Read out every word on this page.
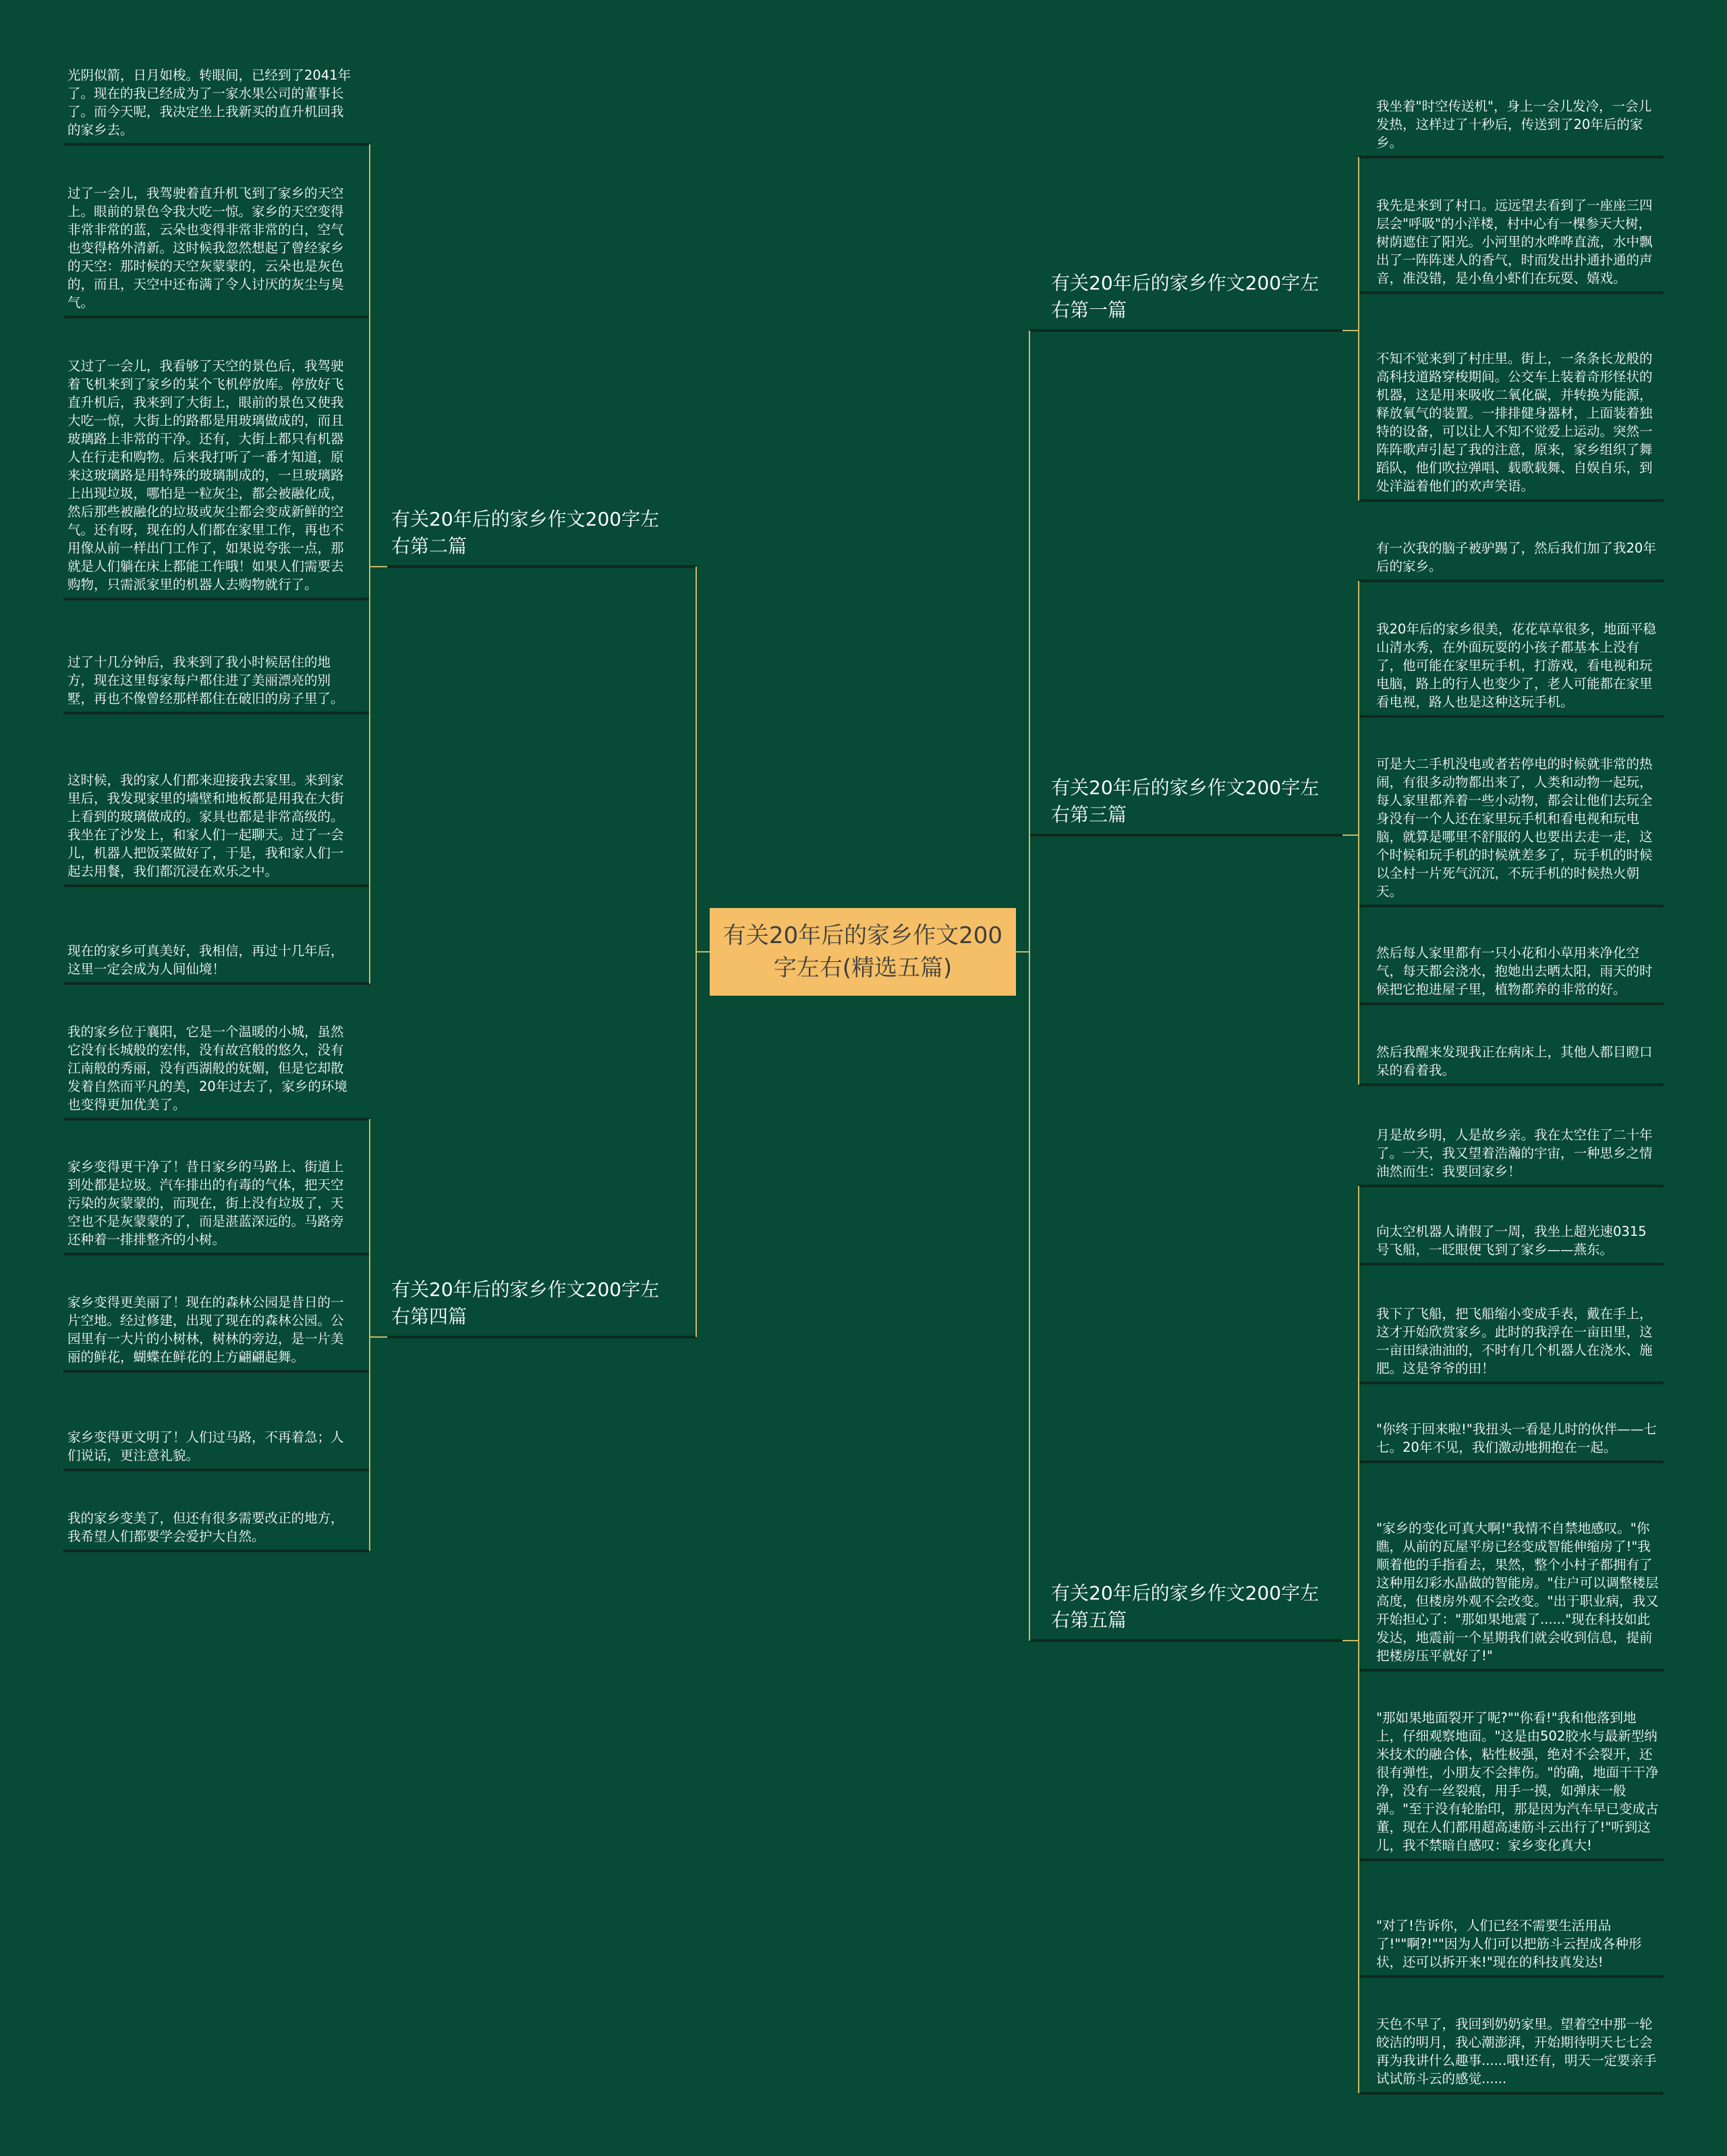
有关20年后的家乡作文200字左右(精选五篇)
有关20年后的家乡作文200字左右第一篇
我坐着"时空传送机"，身上一会儿发冷，一会儿发热，这样过了十秒后，传送到了20年后的家乡。
我先是来到了村口。远远望去看到了一座座三四层会"呼吸"的小洋楼，村中心有一棵参天大树，树荫遮住了阳光。小河里的水哗哗直流，水中飘出了一阵阵迷人的香气，时而发出扑通扑通的声音，准没错，是小鱼小虾们在玩耍、嬉戏。
不知不觉来到了村庄里。街上，一条条长龙般的高科技道路穿梭期间。公交车上装着奇形怪状的机器，这是用来吸收二氧化碳，并转换为能源，释放氧气的装置。一排排健身器材，上面装着独特的设备，可以让人不知不觉爱上运动。突然一阵阵歌声引起了我的注意，原来，家乡组织了舞蹈队，他们吹拉弹唱、载歌载舞、自娱自乐，到处洋溢着他们的欢声笑语。
有关20年后的家乡作文200字左右第二篇
光阴似箭，日月如梭。转眼间，已经到了2041年了。现在的我已经成为了一家水果公司的董事长了。而今天呢，我决定坐上我新买的直升机回我的家乡去。
过了一会儿，我驾驶着直升机飞到了家乡的天空上。眼前的景色令我大吃一惊。家乡的天空变得非常非常的蓝，云朵也变得非常非常的白，空气也变得格外清新。这时候我忽然想起了曾经家乡的天空：那时候的天空灰蒙蒙的，云朵也是灰色的，而且，天空中还布满了令人讨厌的灰尘与臭气。
又过了一会儿，我看够了天空的景色后，我驾驶着飞机来到了家乡的某个飞机停放库。停放好飞直升机后，我来到了大街上，眼前的景色又使我大吃一惊，大街上的路都是用玻璃做成的，而且玻璃路上非常的干净。还有，大街上都只有机器人在行走和购物。后来我打听了一番才知道，原来这玻璃路是用特殊的玻璃制成的，一旦玻璃路上出现垃圾，哪怕是一粒灰尘，都会被融化成，然后那些被融化的垃圾或灰尘都会变成新鲜的空气。还有呀，现在的人们都在家里工作，再也不用像从前一样出门工作了，如果说夸张一点，那就是人们躺在床上都能工作哦！如果人们需要去购物，只需派家里的机器人去购物就行了。
过了十几分钟后，我来到了我小时候居住的地方，现在这里每家每户都住进了美丽漂亮的别墅，再也不像曾经那样都住在破旧的房子里了。
这时候，我的家人们都来迎接我去家里。来到家里后，我发现家里的墙壁和地板都是用我在大街上看到的玻璃做成的。家具也都是非常高级的。我坐在了沙发上，和家人们一起聊天。过了一会儿，机器人把饭菜做好了，于是，我和家人们一起去用餐，我们都沉浸在欢乐之中。
现在的家乡可真美好，我相信，再过十几年后，这里一定会成为人间仙境！
有关20年后的家乡作文200字左右第三篇
有一次我的脑子被驴踢了，然后我们加了我20年后的家乡。
我20年后的家乡很美，花花草草很多，地面平稳山清水秀，在外面玩耍的小孩子都基本上没有了，他可能在家里玩手机，打游戏，看电视和玩电脑，路上的行人也变少了，老人可能都在家里看电视，路人也是这种这玩手机。
可是大二手机没电或者若停电的时候就非常的热闹，有很多动物都出来了，人类和动物一起玩，每人家里都养着一些小动物，都会让他们去玩全身没有一个人还在家里玩手机和看电视和玩电脑，就算是哪里不舒服的人也要出去走一走，这个时候和玩手机的时候就差多了，玩手机的时候以全村一片死气沉沉，不玩手机的时候热火朝天。
然后每人家里都有一只小花和小草用来净化空气，每天都会浇水，抱她出去晒太阳，雨天的时候把它抱进屋子里，植物都养的非常的好。
然后我醒来发现我正在病床上，其他人都目瞪口呆的看着我。
有关20年后的家乡作文200字左右第四篇
我的家乡位于襄阳，它是一个温暖的小城，虽然它没有长城般的宏伟，没有故宫般的悠久，没有江南般的秀丽，没有西湖般的妩媚，但是它却散发着自然而平凡的美，20年过去了，家乡的环境也变得更加优美了。
家乡变得更干净了！昔日家乡的马路上、街道上到处都是垃圾。汽车排出的有毒的气体，把天空污染的灰蒙蒙的，而现在，街上没有垃圾了，天空也不是灰蒙蒙的了，而是湛蓝深远的。马路旁还种着一排排整齐的小树。
家乡变得更美丽了！现在的森林公园是昔日的一片空地。经过修建，出现了现在的森林公园。公园里有一大片的小树林，树林的旁边，是一片美丽的鲜花，蝴蝶在鲜花的上方翩翩起舞。
家乡变得更文明了！人们过马路，不再着急；人们说话，更注意礼貌。
我的家乡变美了，但还有很多需要改正的地方，我希望人们都要学会爱护大自然。
有关20年后的家乡作文200字左右第五篇
月是故乡明，人是故乡亲。我在太空住了二十年了。一天，我又望着浩瀚的宇宙，一种思乡之情油然而生：我要回家乡！
向太空机器人请假了一周，我坐上超光速0315号飞船，一眨眼便飞到了家乡——燕东。
我下了飞船，把飞船缩小变成手表，戴在手上，这才开始欣赏家乡。此时的我浮在一亩田里，这一亩田绿油油的，不时有几个机器人在浇水、施肥。这是爷爷的田！
"你终于回来啦!"我扭头一看是儿时的伙伴——七七。20年不见，我们激动地拥抱在一起。
"家乡的变化可真大啊!"我情不自禁地感叹。"你瞧，从前的瓦屋平房已经变成智能伸缩房了!"我顺着他的手指看去，果然，整个小村子都拥有了这种用幻彩水晶做的智能房。"住户可以调整楼层高度，但楼房外观不会改变。"出于职业病，我又开始担心了："那如果地震了......"现在科技如此发达，地震前一个星期我们就会收到信息，提前把楼房压平就好了!"
"那如果地面裂开了呢?""你看!"我和他落到地上，仔细观察地面。"这是由502胶水与最新型纳米技术的融合体，粘性极强，绝对不会裂开，还很有弹性，小朋友不会摔伤。"的确，地面干干净净，没有一丝裂痕，用手一摸，如弹床一般弹。"至于没有轮胎印，那是因为汽车早已变成古董，现在人们都用超高速筋斗云出行了!"听到这儿，我不禁暗自感叹：家乡变化真大!
"对了!告诉你，人们已经不需要生活用品了!""啊?!""因为人们可以把筋斗云捏成各种形状，还可以拆开来!"现在的科技真发达!
天色不早了，我回到奶奶家里。望着空中那一轮皎洁的明月，我心潮澎湃，开始期待明天七七会再为我讲什么趣事......哦!还有，明天一定要亲手试试筋斗云的感觉......
